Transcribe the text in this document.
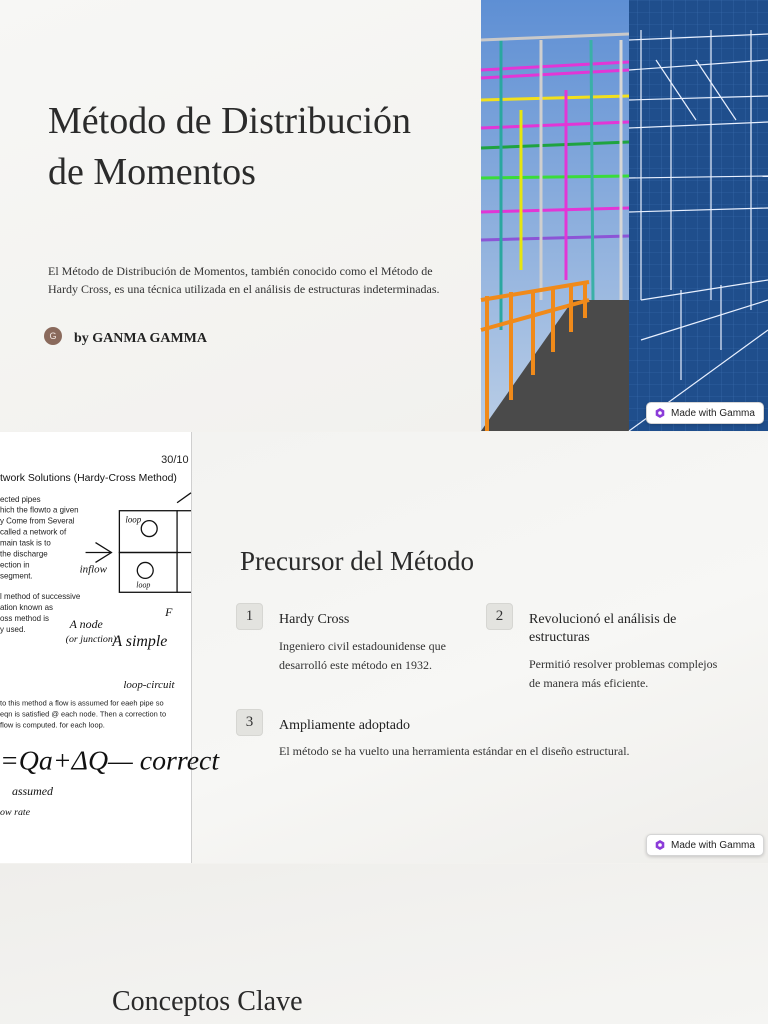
Método de Distribución de Momentos

El Método de Distribución de Momentos, también conocido como el Método de Hardy Cross, es una técnica utilizada en el análisis de estructuras indeterminadas.

G	by GANMA GAMMA
Made with Gamma
30/10
twork Solutions (Hardy-Cross Method)
ected pipes
hich the flowto a given
y Come from Several
called a network of
main task is to
the discharge
ection in
segment.
l method of successive
ation known as
oss method is
y used.
to this method a flow is assumed for eaeh pipe so
eqn is satisfied @ each node. Then a correction to
flow is computed. for each loop.
loop
loop
inflow
F
A node
(or junction)
A simple
loop-circuit
=Qa+ΔQ— correct
assumed
ow rate
Precursor del Método
1	Hardy Cross
Ingeniero civil estadounidense que desarrolló este método en 1932.
2	Revolucionó el análisis de estructuras
Permitió resolver problemas complejos de manera más eficiente.
3	Ampliamente adoptado
El método se ha vuelto una herramienta estándar en el diseño estructural.
Made with Gamma
Conceptos Clave
